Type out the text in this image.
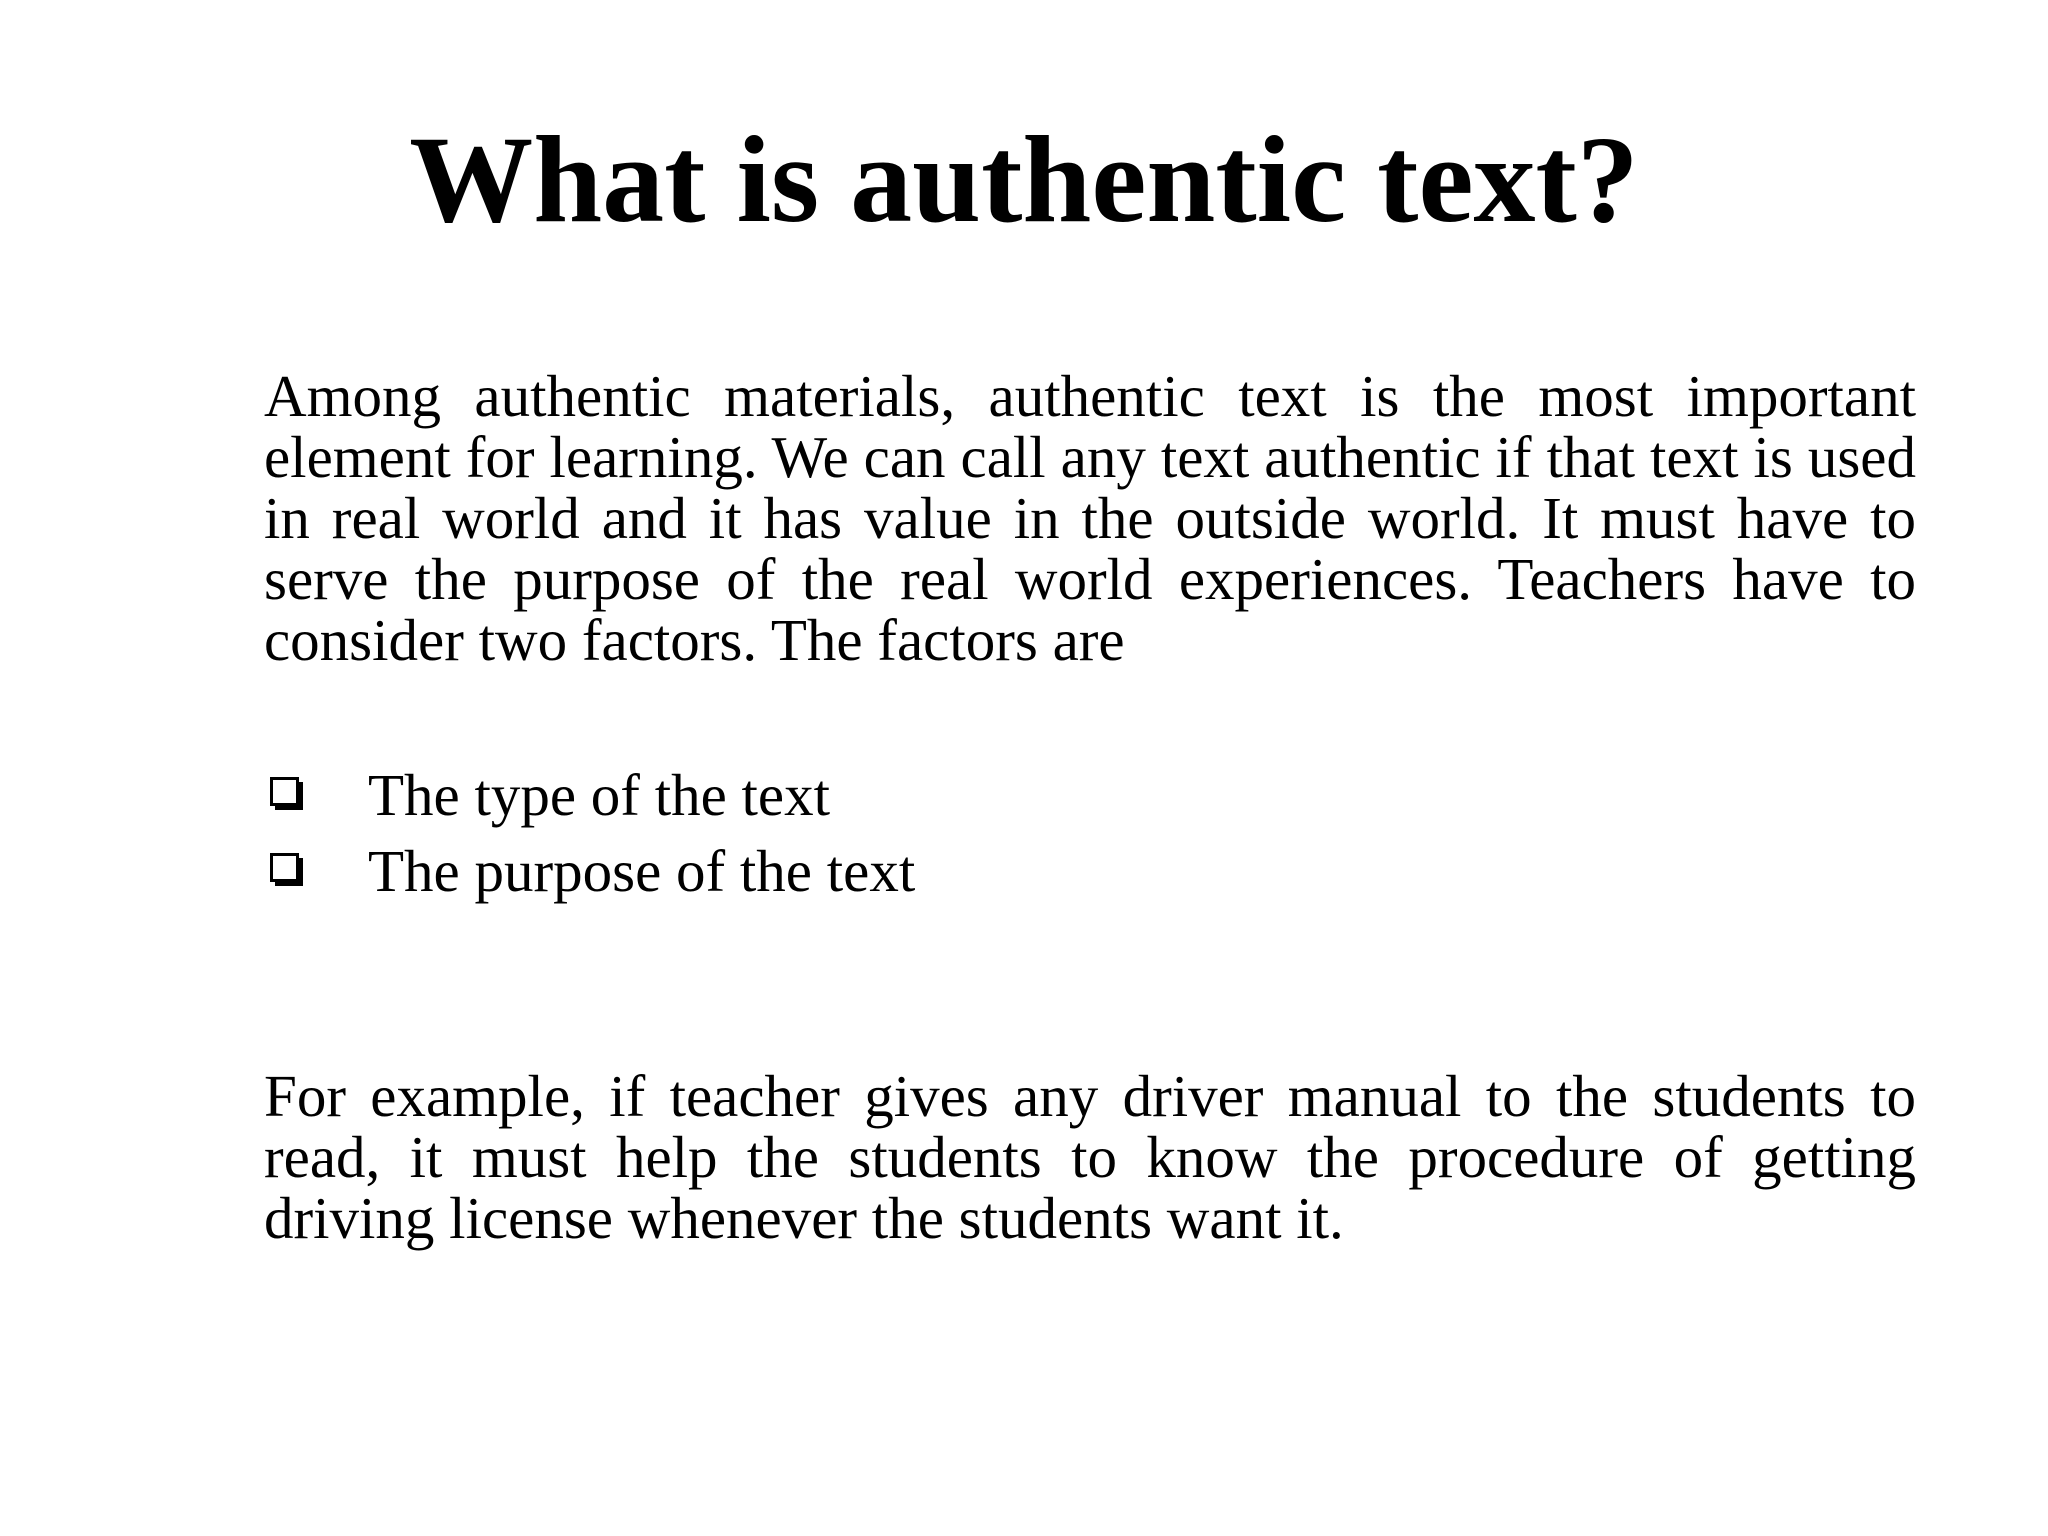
What is authentic text?

Among authentic materials, authentic text is the most important element for learning. We can call any text authentic if that text is used in real world and it has value in the outside world. It must have to serve the purpose of the real world experiences. Teachers have to consider two factors. The factors are

The type of the text
The purpose of the text

For example, if teacher gives any driver manual to the students to read, it must help the students to know the procedure of getting driving license whenever the students want it.
